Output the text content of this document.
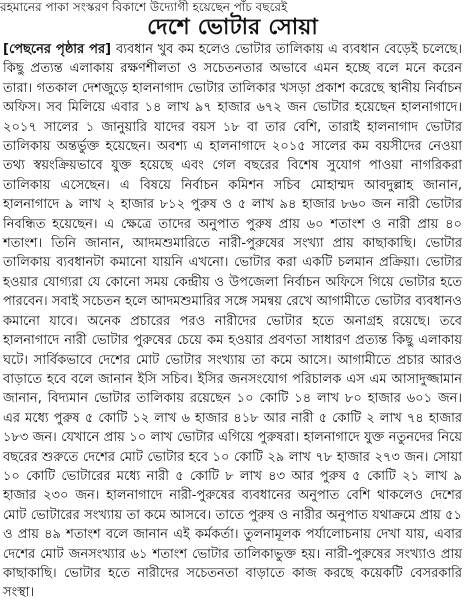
রহমানের পাকা সংস্করণ বিকাশে উদ্যোগী হয়েছেন পাঁচ বছরেই
দেশে ভোটার সোয়া
[পেছনের পৃষ্ঠার পর] ব্যবধান খুব কম হলেও ভোটার তালিকায় এ ব্যবধান বেড়েই চলেছে। কিছু প্রত্যন্ত এলাকায় রক্ষণশীলতা ও সচেতনতার অভাবে এমন হচ্ছে বলে মনে করেন তারা। গতকাল দেশজুড়ে হালনাগাদ ভোটার তালিকার খসড়া প্রকাশ করেছে স্থানীয় নির্বাচন অফিস। সব মিলিয়ে এবার ১৪ লাখ ৯৭ হাজার ৬৭২ জন ভোটার হয়েছেন হালনাগাদে। ২০১৭ সালের ১ জানুয়ারি যাদের বয়স ১৮ বা তার বেশি, তারাই হালনাগাদ ভোটার তালিকায় অন্তর্ভুক্ত হয়েছেন। অবশ্য এ হালনাগাদে ২০১৫ সালের কম বয়সীদের নেওয়া তথ্য স্বয়ংক্রিয়ভাবে যুক্ত হয়েছে এবং গেল বছরের বিশেষ সুযোগ পাওয়া নাগরিকরা তালিকায় এসেছেন। এ বিষয়ে নির্বাচন কমিশন সচিব মোহাম্মদ আবদুল্লাহ জানান, হালনাগাদে ৯ লাখ ২ হাজার ৮১২ পুরুষ ও ৫ লাখ ৯৪ হাজার ৮৬০ জন নারী ভোটার নিবন্ধিত হয়েছেন। এ ক্ষেত্রে তাদের অনুপাত পুরুষ প্রায় ৬০ শতাংশ ও নারী প্রায় ৪০ শতাংশ। তিনি জানান, আদমশুমারিতে নারী-পুরুষের সংখ্যা প্রায় কাছাকাছি। ভোটার তালিকায় ব্যবধানটা কমানো যায়নি এখনো। ভোটার করা একটি চলমান প্রক্রিয়া। ভোটার হওয়ার যোগ্যরা যে কোনো সময় কেন্দ্রীয় ও উপজেলা নির্বাচন অফিসে গিয়ে ভোটার হতে পারবেন। সবাই সচেতন হলে আদমশুমারির সঙ্গে সমন্বয় রেখে আগামীতে ভোটার ব্যবধানও কমানো যাবে। অনেক প্রচারের পরও নারীদের ভোটার হতে অনাগ্রহ রয়েছে। তবে হালনাগাদে নারী ভোটার পুরুষের চেয়ে কম হওয়ার প্রবণতা সাধারণ প্রত্যন্ত কিছু এলাকায় ঘটে। সার্বিকভাবে দেশের মোট ভোটার সংখ্যায় তা কমে আসে। আগামীতে প্রচার আরও বাড়াতে হবে বলে জানান ইসি সচিব। ইসির জনসংযোগ পরিচালক এস এম আসাদুজ্জামান জানান, বিদ্যমান ভোটার তালিকায় রয়েছেন ১০ কোটি ১৪ লাখ ৮০ হাজার ৬০১ জন। এর মধ্যে পুরুষ ৫ কোটি ১২ লাখ ৬ হাজার ৪১৮ আর নারী ৫ কোটি ২ লাখ ৭৪ হাজার ১৮৩ জন। যেখানে প্রায় ১০ লাখ ভোটার এগিয়ে পুরুষরা। হালনাগাদে যুক্ত নতুনদের নিয়ে বছরের শুরুতে দেশের মোট ভোটার হবে ১০ কোটি ২৯ লাখ ৭৮ হাজার ২৭৩ জন। সোয়া ১০ কোটি ভোটারের মধ্যে নারী ৫ কোটি ৮ লাখ ৪৩ আর পুরুষ ৫ কোটি ২১ লাখ ৯ হাজার ২৩০ জন। হালনাগাদে নারী-পুরুষের ব্যবধানের অনুপাত বেশি থাকলেও দেশের মোট ভোটারের সংখ্যায় তা কমে আসবে। তাতে পুরুষ ও নারীর অনুপাত যথাক্রমে প্রায় ৫১ ও প্রায় ৪৯ শতাংশ বলে জানান এই কর্মকর্তা। তুলনামূলক পর্যালোচনায় দেখা যায়, এবার দেশের মোট জনসংখ্যার ৬১ শতাংশ ভোটার তালিকাভুক্ত হয়। নারী-পুরুষের সংখ্যাও প্রায় কাছাকাছি। ভোটার হতে নারীদের সচেতনতা বাড়াতে কাজ করছে কয়েকটি বেসরকারি সংস্থা।
